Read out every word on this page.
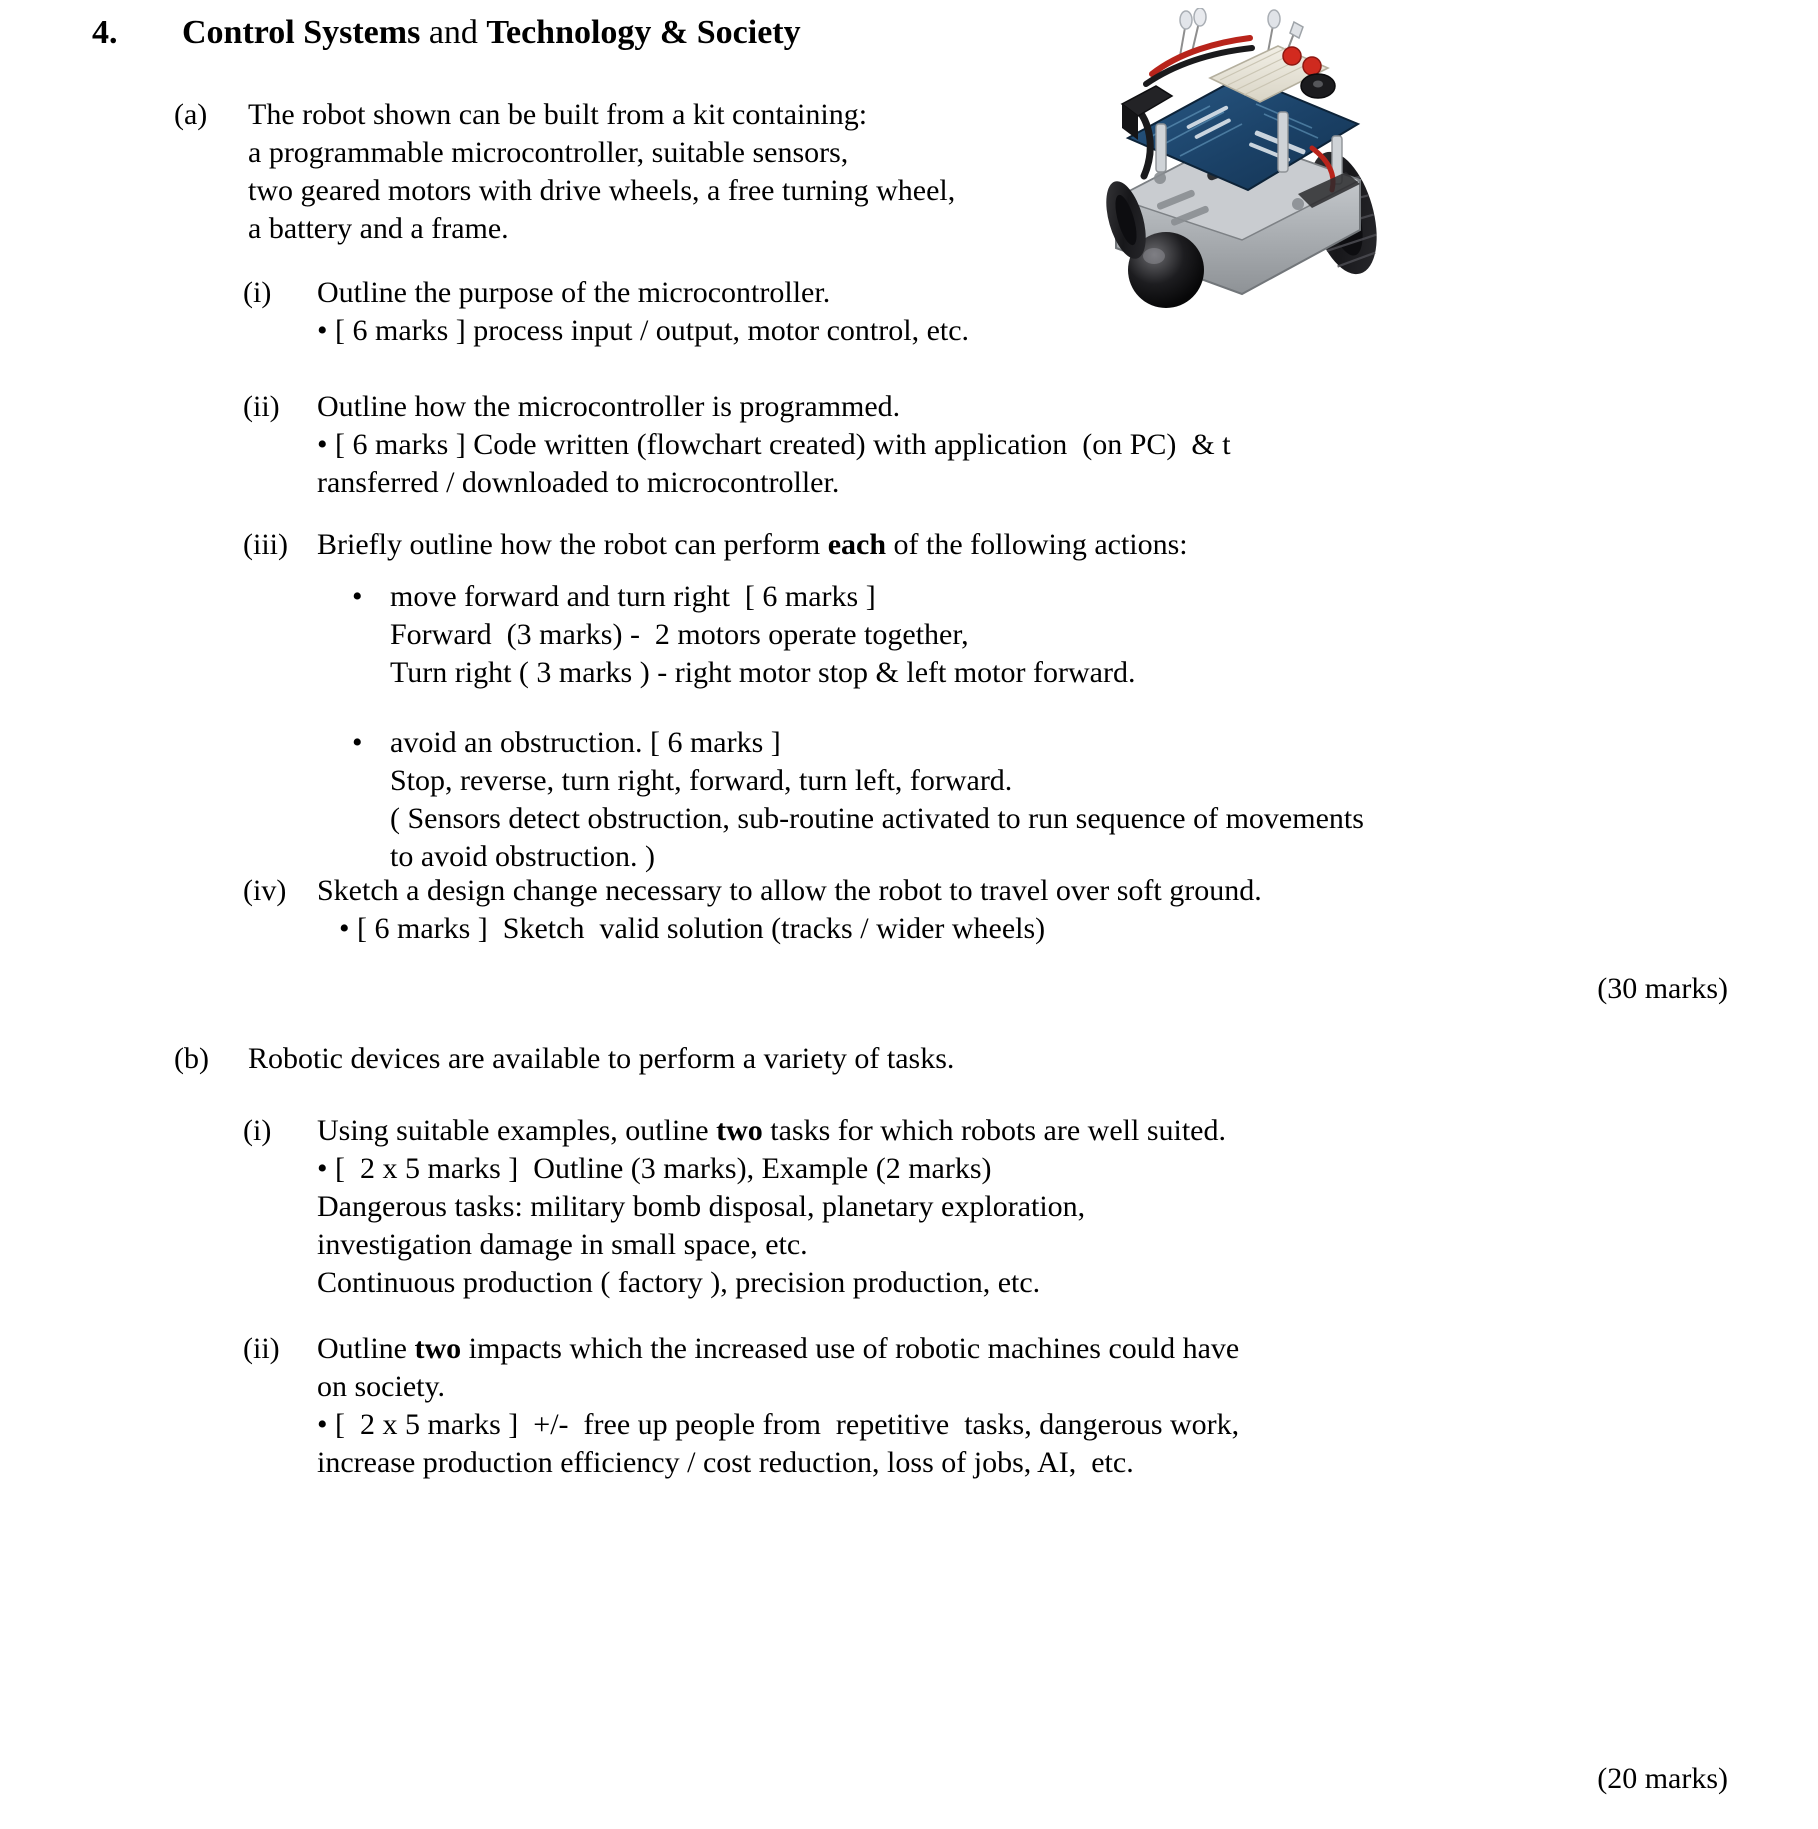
4.	Control Systems and Technology & Society
(a)	The robot shown can be built from a kit containing:
a programmable microcontroller, suitable sensors,
two geared motors with drive wheels, a free turning wheel,
a battery and a frame.
(i)	Outline the purpose of the microcontroller.
• [ 6 marks ] process input / output, motor control, etc.
(ii)	Outline how the microcontroller is programmed.
• [ 6 marks ] Code written (flowchart created) with application  (on PC)  & t
ransferred / downloaded to microcontroller.
(iii) Briefly outline how the robot can perform each of the following actions:
• move forward and turn right  [ 6 marks ]
Forward  (3 marks) -  2 motors operate together,
Turn right ( 3 marks ) - right motor stop & left motor forward.
• avoid an obstruction. [ 6 marks ]
Stop, reverse, turn right, forward, turn left, forward.
( Sensors detect obstruction, sub-routine activated to run sequence of movements
to avoid obstruction. )
(iv)	Sketch a design change necessary to allow the robot to travel over soft ground.
• [ 6 marks ]  Sketch  valid solution (tracks / wider wheels)
(30 marks)
(b)	Robotic devices are available to perform a variety of tasks.
(i)	Using suitable examples, outline two tasks for which robots are well suited.
• [  2 x 5 marks ]  Outline (3 marks), Example (2 marks)
Dangerous tasks: military bomb disposal, planetary exploration,
investigation damage in small space, etc.
Continuous production ( factory ), precision production, etc.
(ii)	Outline two impacts which the increased use of robotic machines could have
on society.
• [  2 x 5 marks ]  +/-  free up people from  repetitive  tasks, dangerous work,
increase production efficiency / cost reduction, loss of jobs, AI,  etc.
(20 marks)
